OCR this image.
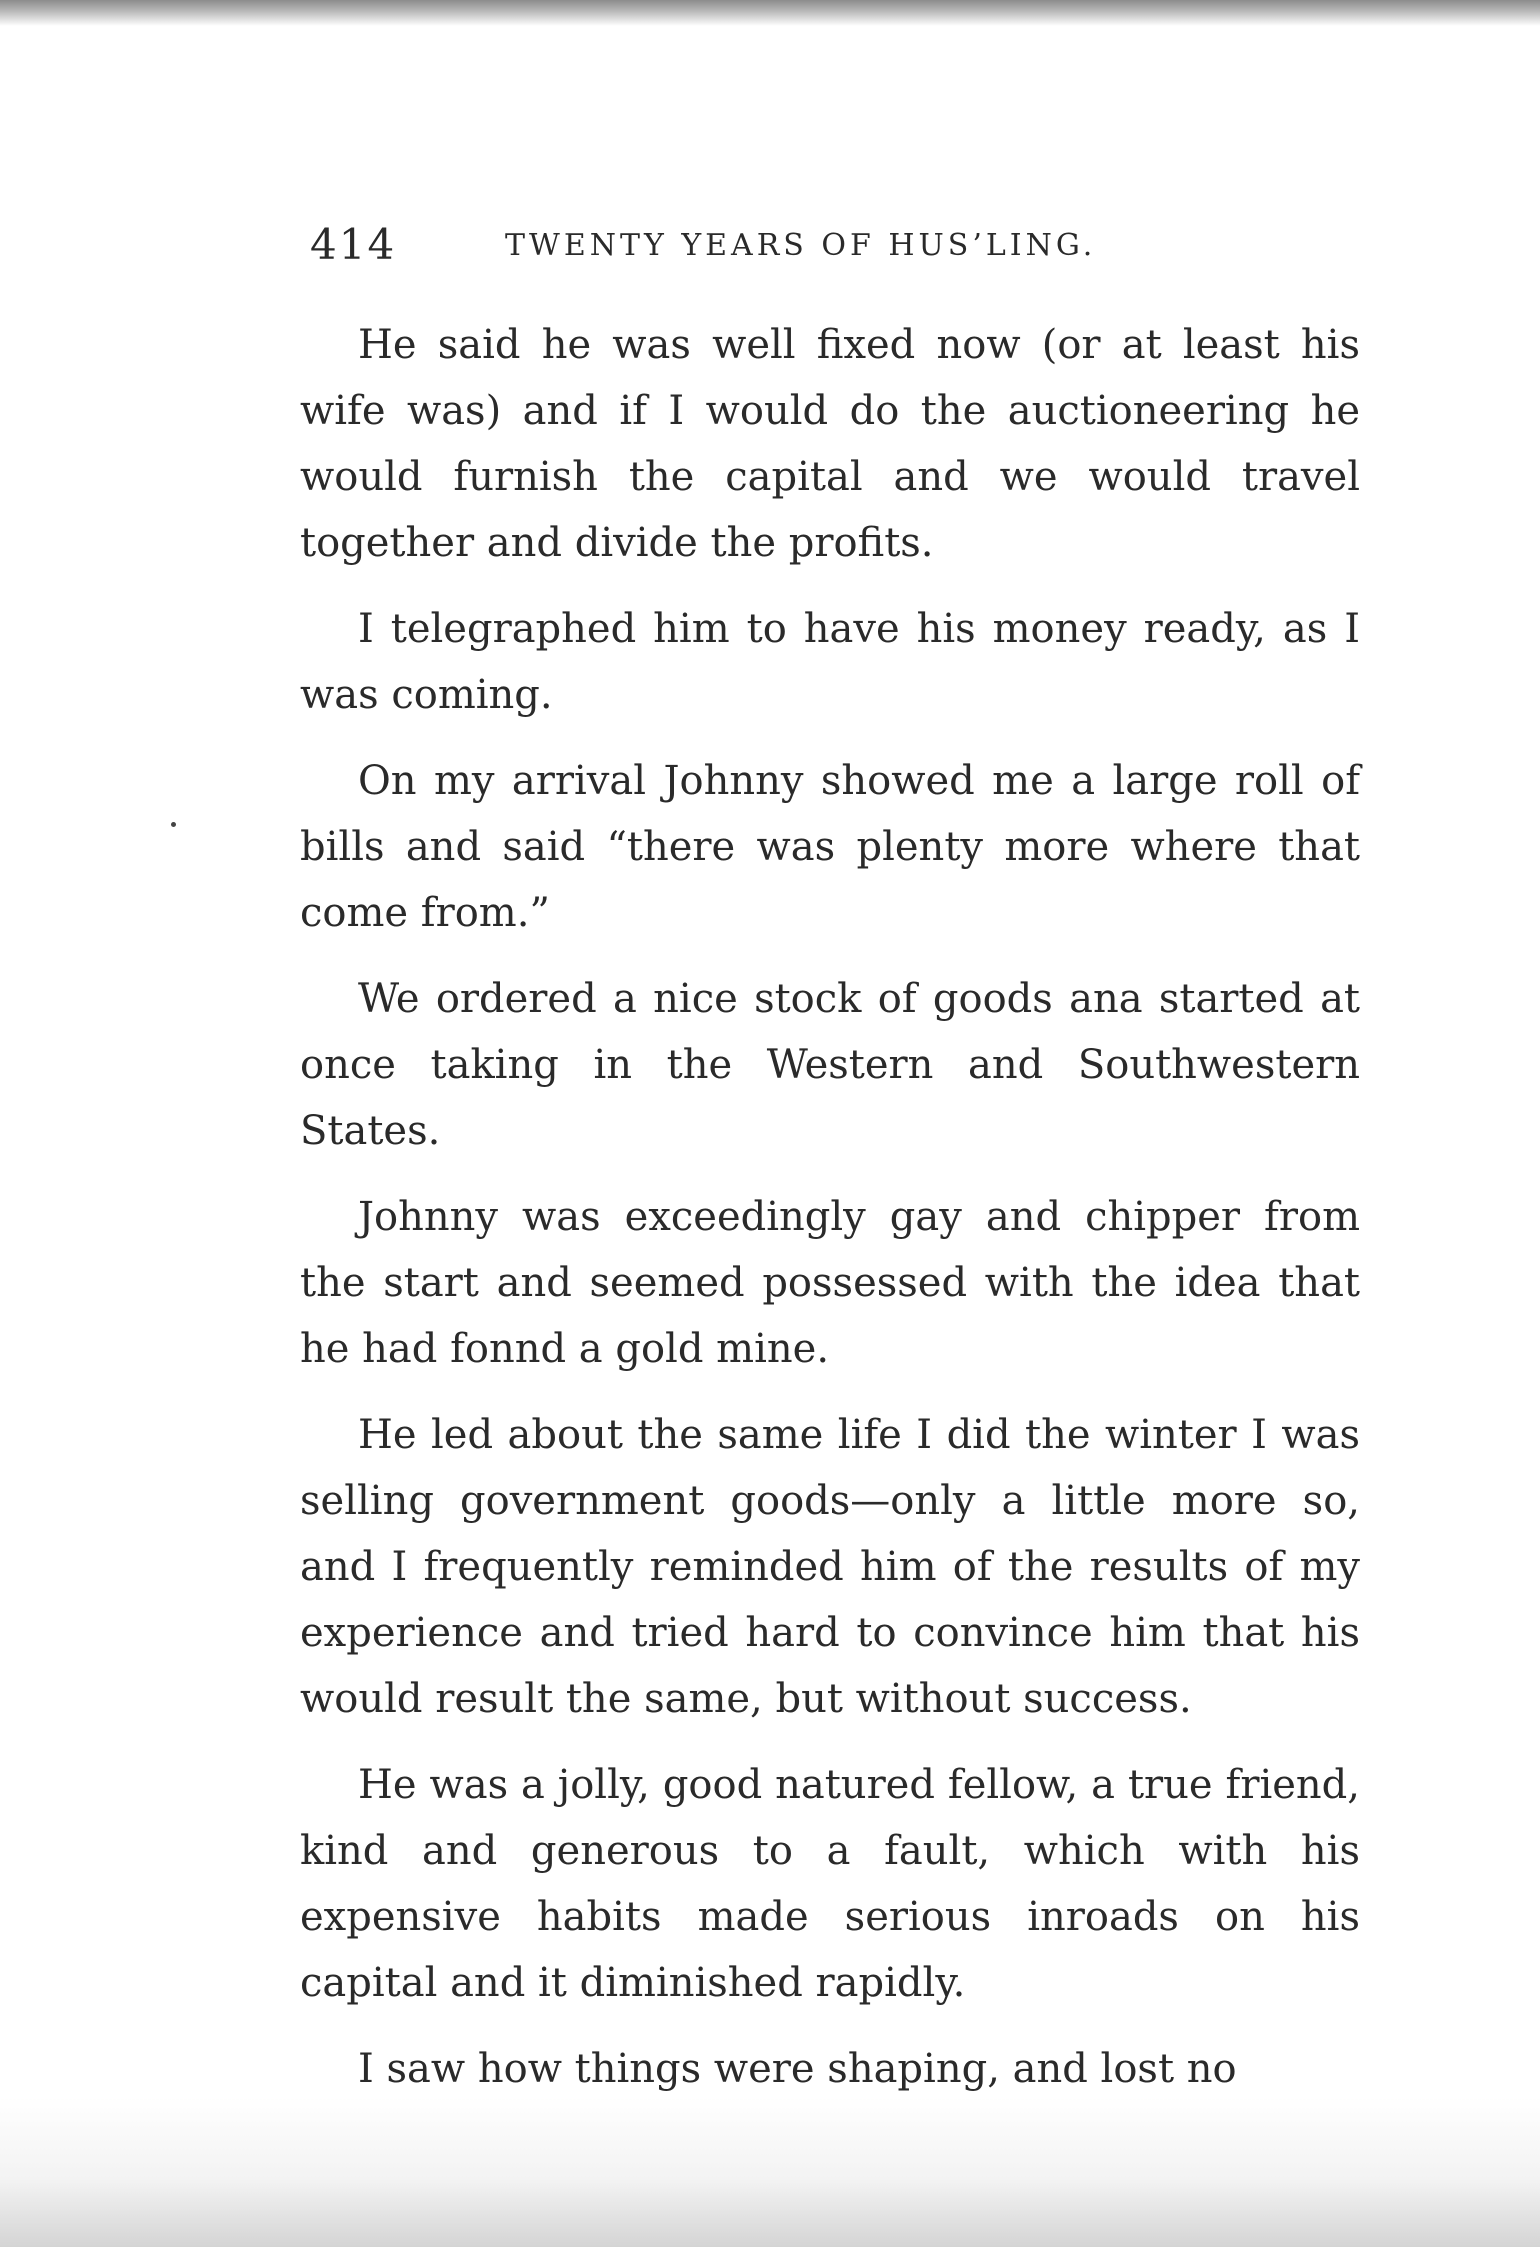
414	TWENTY YEARS OF HUS’LING.

He said he was well fixed now (or at least his wife was) and if I would do the auctioneering he would furnish the capital and we would travel together and divide the profits.

I telegraphed him to have his money ready, as I was coming.

On my arrival Johnny showed me a large roll of bills and said “there was plenty more where that come from.”

We ordered a nice stock of goods ana started at once taking in the Western and Southwestern States.

Johnny was exceedingly gay and chipper from the start and seemed possessed with the idea that he had fonnd a gold mine.

He led about the same life I did the winter I was selling government goods—only a little more so, and I frequently reminded him of the results of my experience and tried hard to convince him that his would result the same, but without success.

He was a jolly, good natured fellow, a true friend, kind and generous to a fault, which with his expensive habits made serious inroads on his capital and it diminished rapidly.

I saw how things were shaping, and lost no
